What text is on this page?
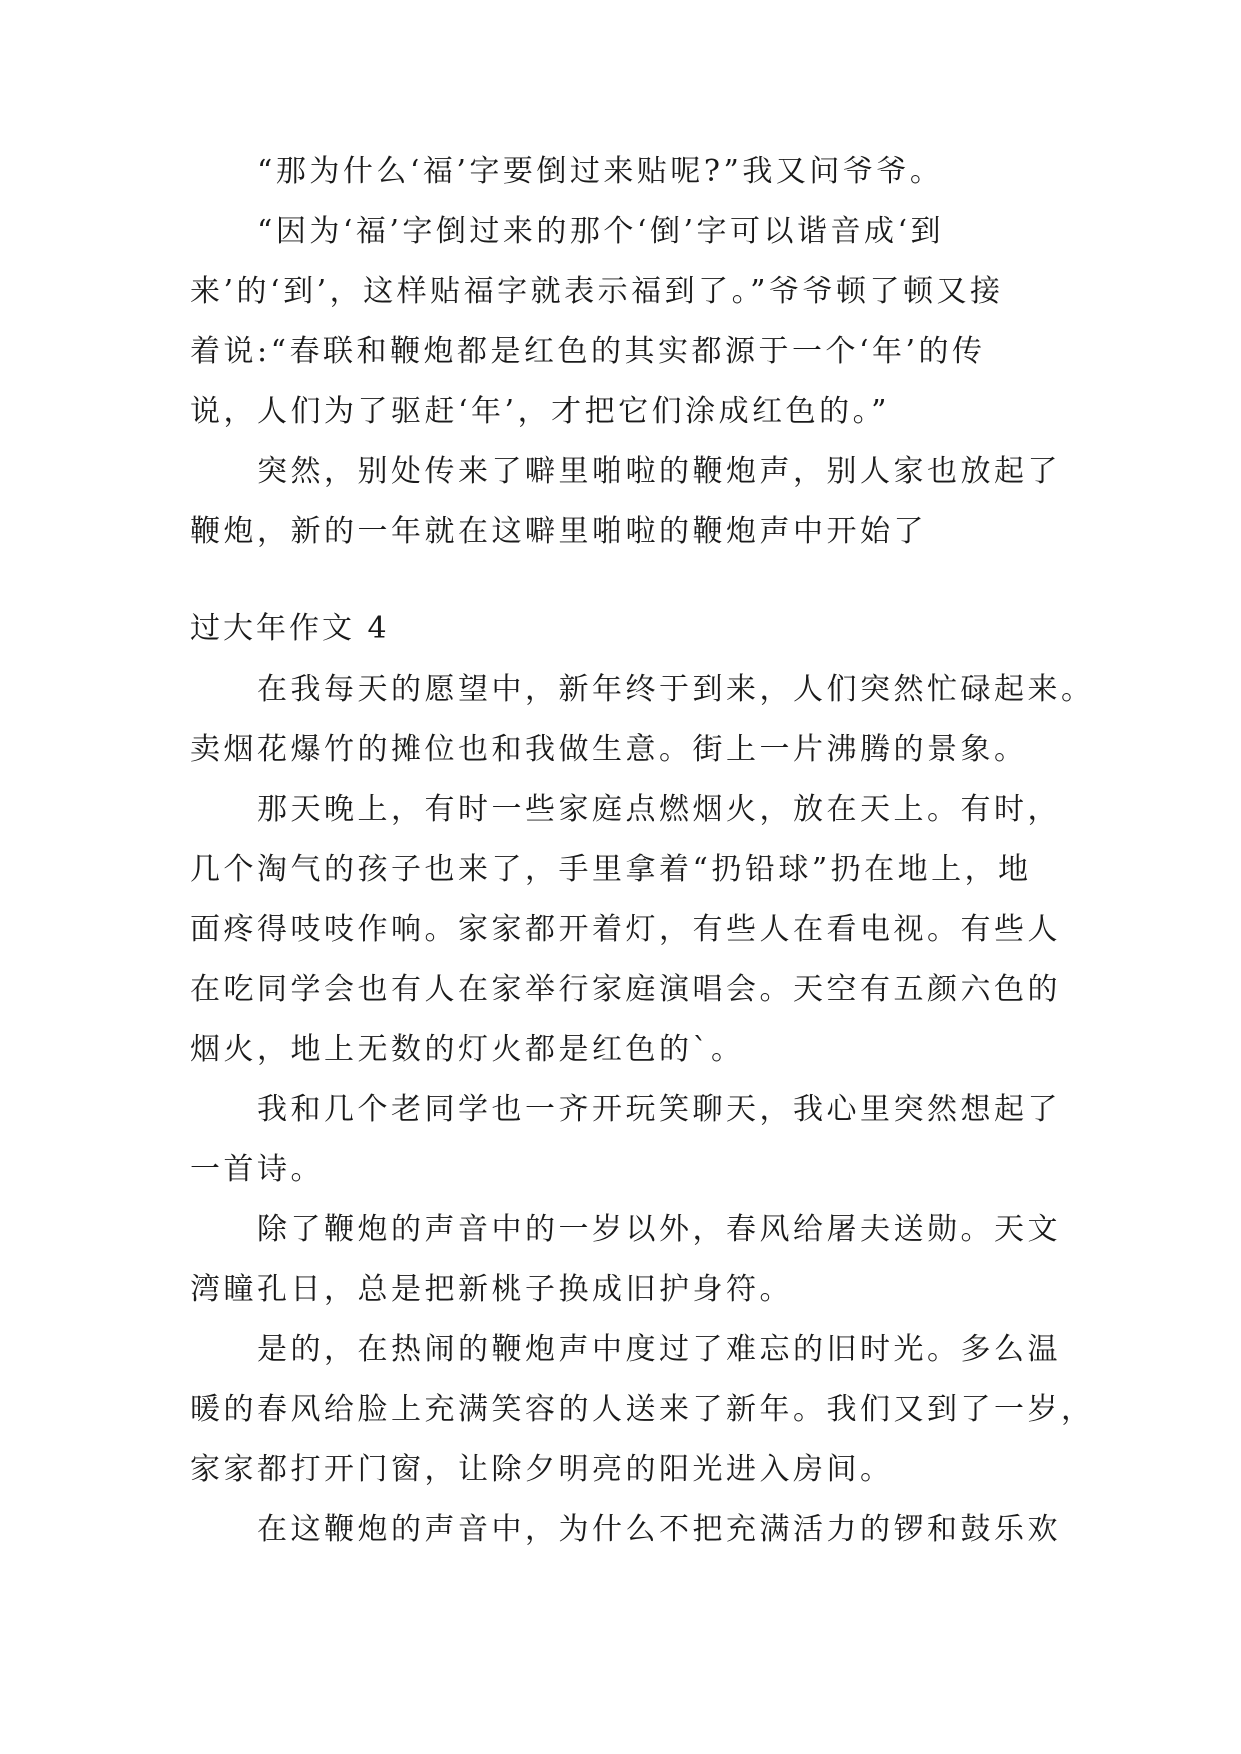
“那为什么‘福’字要倒过来贴呢?”我又问爷爷。
“因为‘福’字倒过来的那个‘倒’字可以谐音成‘到
来’的‘到’，这样贴福字就表示福到了。”爷爷顿了顿又接
着说:“春联和鞭炮都是红色的其实都源于一个‘年’的传
说，人们为了驱赶‘年’，才把它们涂成红色的。”
突然，别处传来了噼里啪啦的鞭炮声，别人家也放起了
鞭炮，新的一年就在这噼里啪啦的鞭炮声中开始了
过大年作文 4
在我每天的愿望中，新年终于到来，人们突然忙碌起来。
卖烟花爆竹的摊位也和我做生意。街上一片沸腾的景象。
那天晚上，有时一些家庭点燃烟火，放在天上。有时，
几个淘气的孩子也来了，手里拿着“扔铅球”扔在地上，地
面疼得吱吱作响。家家都开着灯，有些人在看电视。有些人
在吃同学会也有人在家举行家庭演唱会。天空有五颜六色的
烟火，地上无数的灯火都是红色的`。
我和几个老同学也一齐开玩笑聊天，我心里突然想起了
一首诗。
除了鞭炮的声音中的一岁以外，春风给屠夫送勋。天文
湾瞳孔日，总是把新桃子换成旧护身符。
是的，在热闹的鞭炮声中度过了难忘的旧时光。多么温
暖的春风给脸上充满笑容的人送来了新年。我们又到了一岁，
家家都打开门窗，让除夕明亮的阳光进入房间。
在这鞭炮的声音中，为什么不把充满活力的锣和鼓乐欢
